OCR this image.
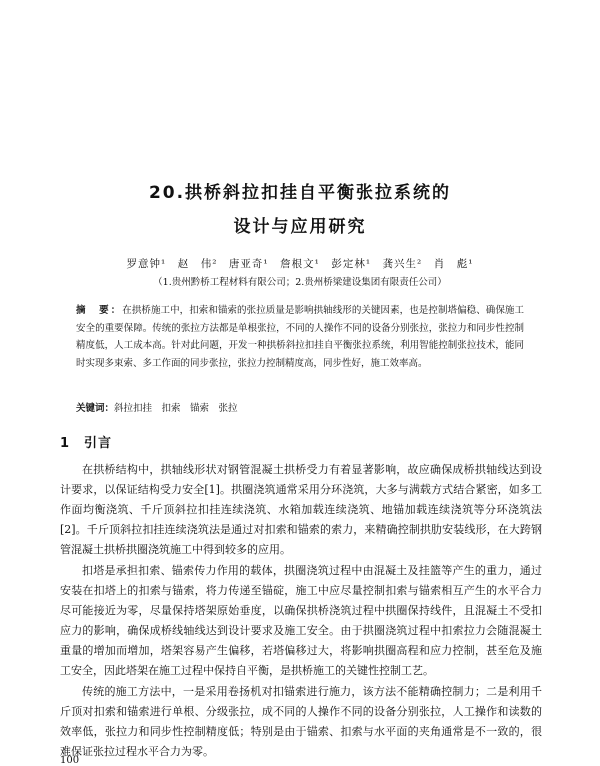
20.拱桥斜拉扣挂自平衡张拉系统的
设计与应用研究

罗意钟¹　赵　伟²　唐亚奇¹　詹根文¹　彭定林¹　龚兴生²　肖　彪¹

（1.贵州黔桥工程材料有限公司；2.贵州桥梁建设集团有限责任公司）

摘　要：在拱桥施工中，扣索和锚索的张拉质量是影响拱轴线形的关键因素，也是控制塔偏稳、确保施工安全的重要保障。传统的张拉方法都是单根张拉，不同的人操作不同的设备分别张拉，张拉力和同步性控制精度低，人工成本高。针对此问题，开发一种拱桥斜拉扣挂自平衡张拉系统，利用智能控制张拉技术，能同时实现多束索、多工作面的同步张拉，张拉力控制精度高，同步性好，施工效率高。
关键词：斜拉扣挂　扣索　锚索　张拉
1　引言

在拱桥结构中，拱轴线形状对钢管混凝土拱桥受力有着显著影响，故应确保成桥拱轴线达到设计要求，以保证结构受力安全[1]。拱圈浇筑通常采用分环浇筑，大多与满载方式结合紧密，如多工作面均衡浇筑、千斤顶斜拉扣挂连续浇筑、水箱加载连续浇筑、地锚加载连续浇筑等分环浇筑法[2]。千斤顶斜拉扣挂连续浇筑法是通过对扣索和锚索的索力，来精确控制拱肋安装线形，在大跨钢管混凝土拱桥拱圈浇筑施工中得到较多的应用。

扣塔是承担扣索、锚索传力作用的载体，拱圈浇筑过程中由混凝土及挂篮等产生的重力，通过安装在扣塔上的扣索与锚索，将力传递至锚碇，施工中应尽量控制扣索与锚索相互产生的水平合力尽可能接近为零，尽量保持塔架原始垂度，以确保拱桥浇筑过程中拱圈保持线件，且混凝土不受扣应力的影响，确保成桥线轴线达到设计要求及施工安全。由于拱圈浇筑过程中扣索拉力会随混凝土重量的增加而增加，塔架容易产生偏移，若塔偏移过大，将影响拱圈高程和应力控制，甚至危及施工安全，因此塔架在施工过程中保持自平衡，是拱桥施工的关键性控制工艺。

传统的施工方法中，一是采用卷扬机对扣锚索进行施力，该方法不能精确控制力；二是利用千斤顶对扣索和锚索进行单根、分级张拉，成不同的人操作不同的设备分别张拉，人工操作和读数的效率低，张拉力和同步性控制精度低；特别是由于锚索、扣索与水平面的夹角通常是不一致的，很难保证张拉过程水平合力为零。

100
